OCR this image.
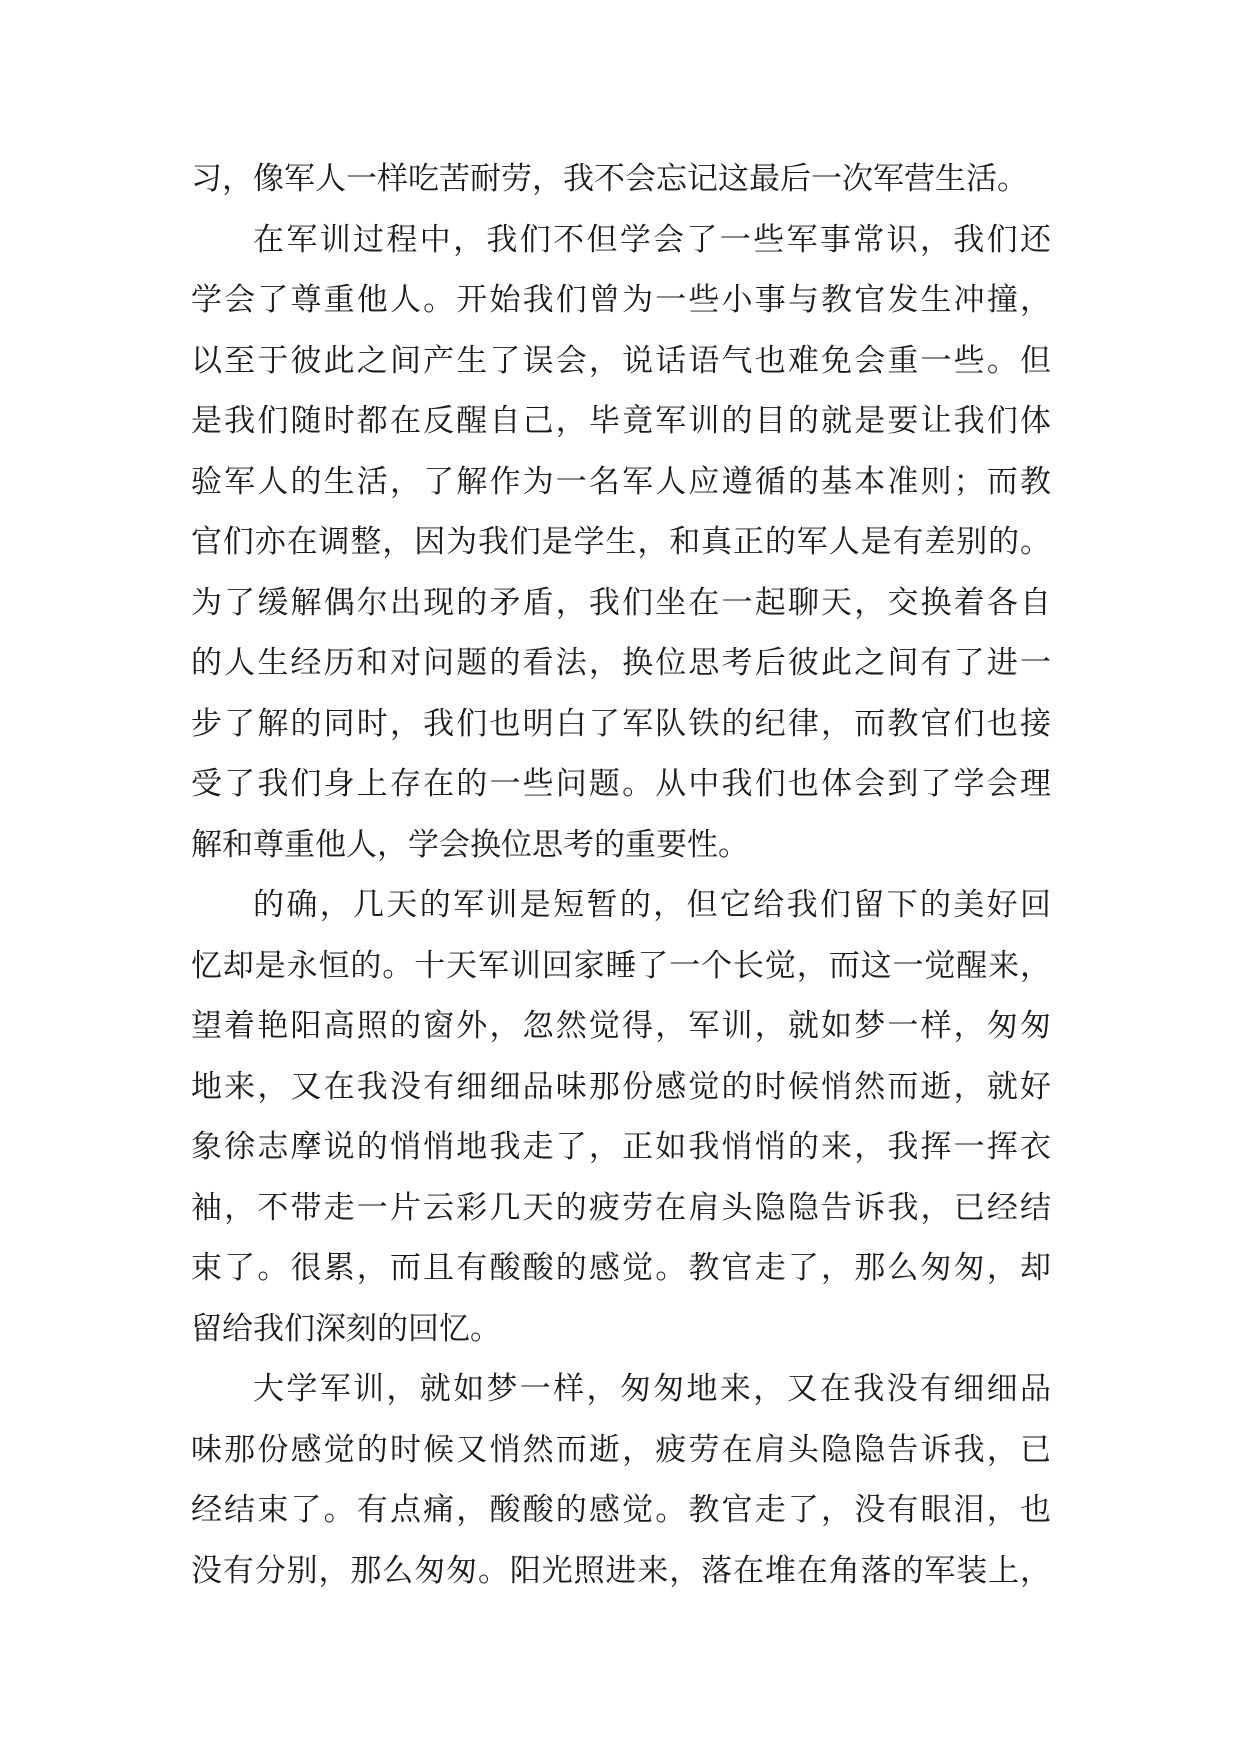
习，像军人一样吃苦耐劳，我不会忘记这最后一次军营生活。
在军训过程中，我们不但学会了一些军事常识，我们还
学会了尊重他人。开始我们曾为一些小事与教官发生冲撞，
以至于彼此之间产生了误会，说话语气也难免会重一些。但
是我们随时都在反醒自己，毕竟军训的目的就是要让我们体
验军人的生活，了解作为一名军人应遵循的基本准则；而教
官们亦在调整，因为我们是学生，和真正的军人是有差别的。
为了缓解偶尔出现的矛盾，我们坐在一起聊天，交换着各自
的人生经历和对问题的看法，换位思考后彼此之间有了进一
步了解的同时，我们也明白了军队铁的纪律，而教官们也接
受了我们身上存在的一些问题。从中我们也体会到了学会理
解和尊重他人，学会换位思考的重要性。
的确，几天的军训是短暂的，但它给我们留下的美好回
忆却是永恒的。十天军训回家睡了一个长觉，而这一觉醒来，
望着艳阳高照的窗外，忽然觉得，军训，就如梦一样，匆匆
地来，又在我没有细细品味那份感觉的时候悄然而逝，就好
象徐志摩说的悄悄地我走了，正如我悄悄的来，我挥一挥衣
袖，不带走一片云彩几天的疲劳在肩头隐隐告诉我，已经结
束了。很累，而且有酸酸的感觉。教官走了，那么匆匆，却
留给我们深刻的回忆。
大学军训，就如梦一样，匆匆地来，又在我没有细细品
味那份感觉的时候又悄然而逝，疲劳在肩头隐隐告诉我，已
经结束了。有点痛，酸酸的感觉。教官走了，没有眼泪，也
没有分别，那么匆匆。阳光照进来，落在堆在角落的军装上，
